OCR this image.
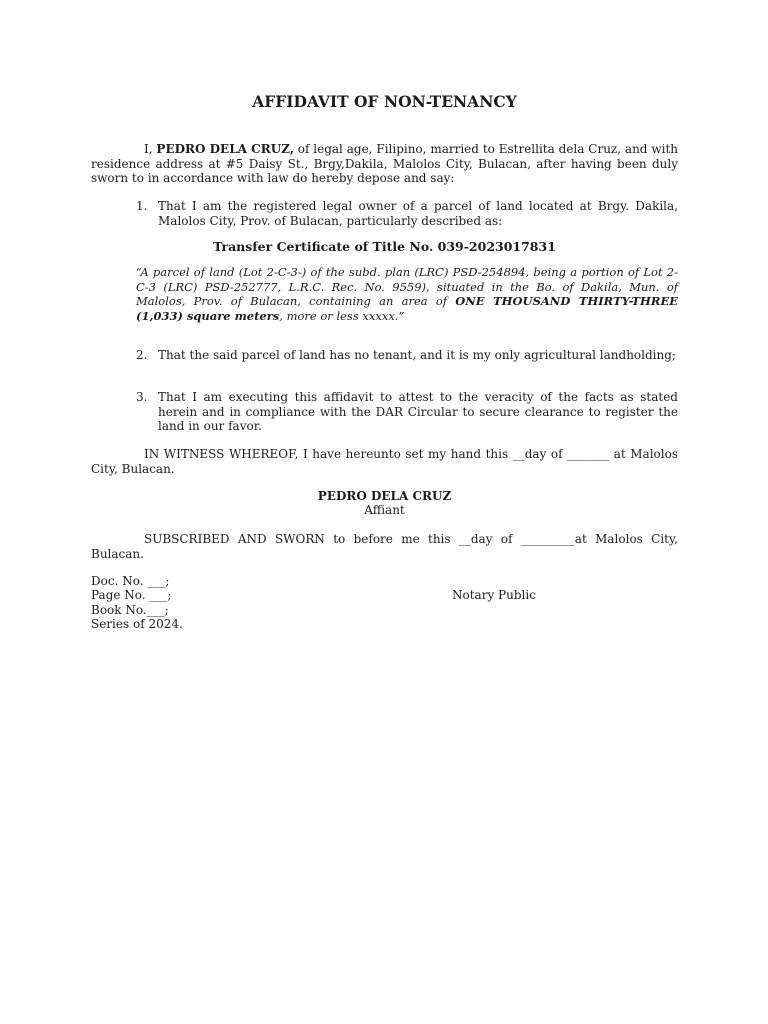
AFFIDAVIT OF NON-TENANCY
I, PEDRO DELA CRUZ, of legal age, Filipino, married to Estrellita dela Cruz, and with residence address at #5 Daisy St., Brgy,Dakila, Malolos City, Bulacan, after having been duly sworn to in accordance with law do hereby depose and say:
1. That I am the registered legal owner of a parcel of land located at Brgy. Dakila, Malolos City, Prov. of Bulacan, particularly described as:
Transfer Certificate of Title No. 039-2023017831
“A parcel of land (Lot 2-C-3-) of the subd. plan (LRC) PSD-254894, being a portion of Lot 2-C-3 (LRC) PSD-252777, L.R.C. Rec. No. 9559), situated in the Bo. of Dakila, Mun. of Malolos, Prov. of Bulacan, containing an area of ONE THOUSAND THIRTY-THREE (1,033) square meters, more or less xxxxx.”
2. That the said parcel of land has no tenant, and it is my only agricultural landholding;
3. That I am executing this affidavit to attest to the veracity of the facts as stated herein and in compliance with the DAR Circular to secure clearance to register the land in our favor.
IN WITNESS WHEREOF, I have hereunto set my hand this __day of _______ at Malolos City, Bulacan.
PEDRO DELA CRUZ
Affiant
SUBSCRIBED AND SWORN to before me this __day of _________at Malolos City, Bulacan.
Doc. No. ___;
Page No. ___;
Book No.___;
Series of 2024.
Notary Public
